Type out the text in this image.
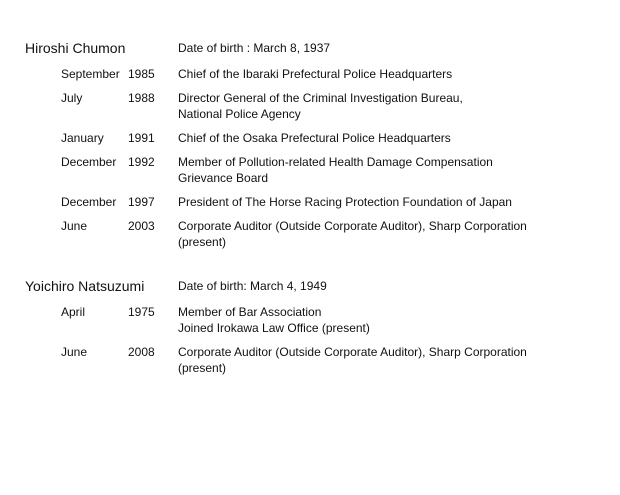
Hiroshi Chumon	Date of birth : March 8, 1937
September 1985 Chief of the Ibaraki Prefectural Police Headquarters
July	1988 Director General of the Criminal Investigation Bureau,
National Police Agency
January 1991 Chief of the Osaka Prefectural Police Headquarters
December 1992 Member of Pollution-related Health Damage Compensation
Grievance Board
December 1997 President of The Horse Racing Protection Foundation of Japan
June	2003 Corporate Auditor (Outside Corporate Auditor), Sharp Corporation
(present)
Yoichiro Natsuzumi	Date of birth: March 4, 1949
April	1975 Member of Bar Association
Joined Irokawa Law Office (present)
June	2008 Corporate Auditor (Outside Corporate Auditor), Sharp Corporation
(present)
